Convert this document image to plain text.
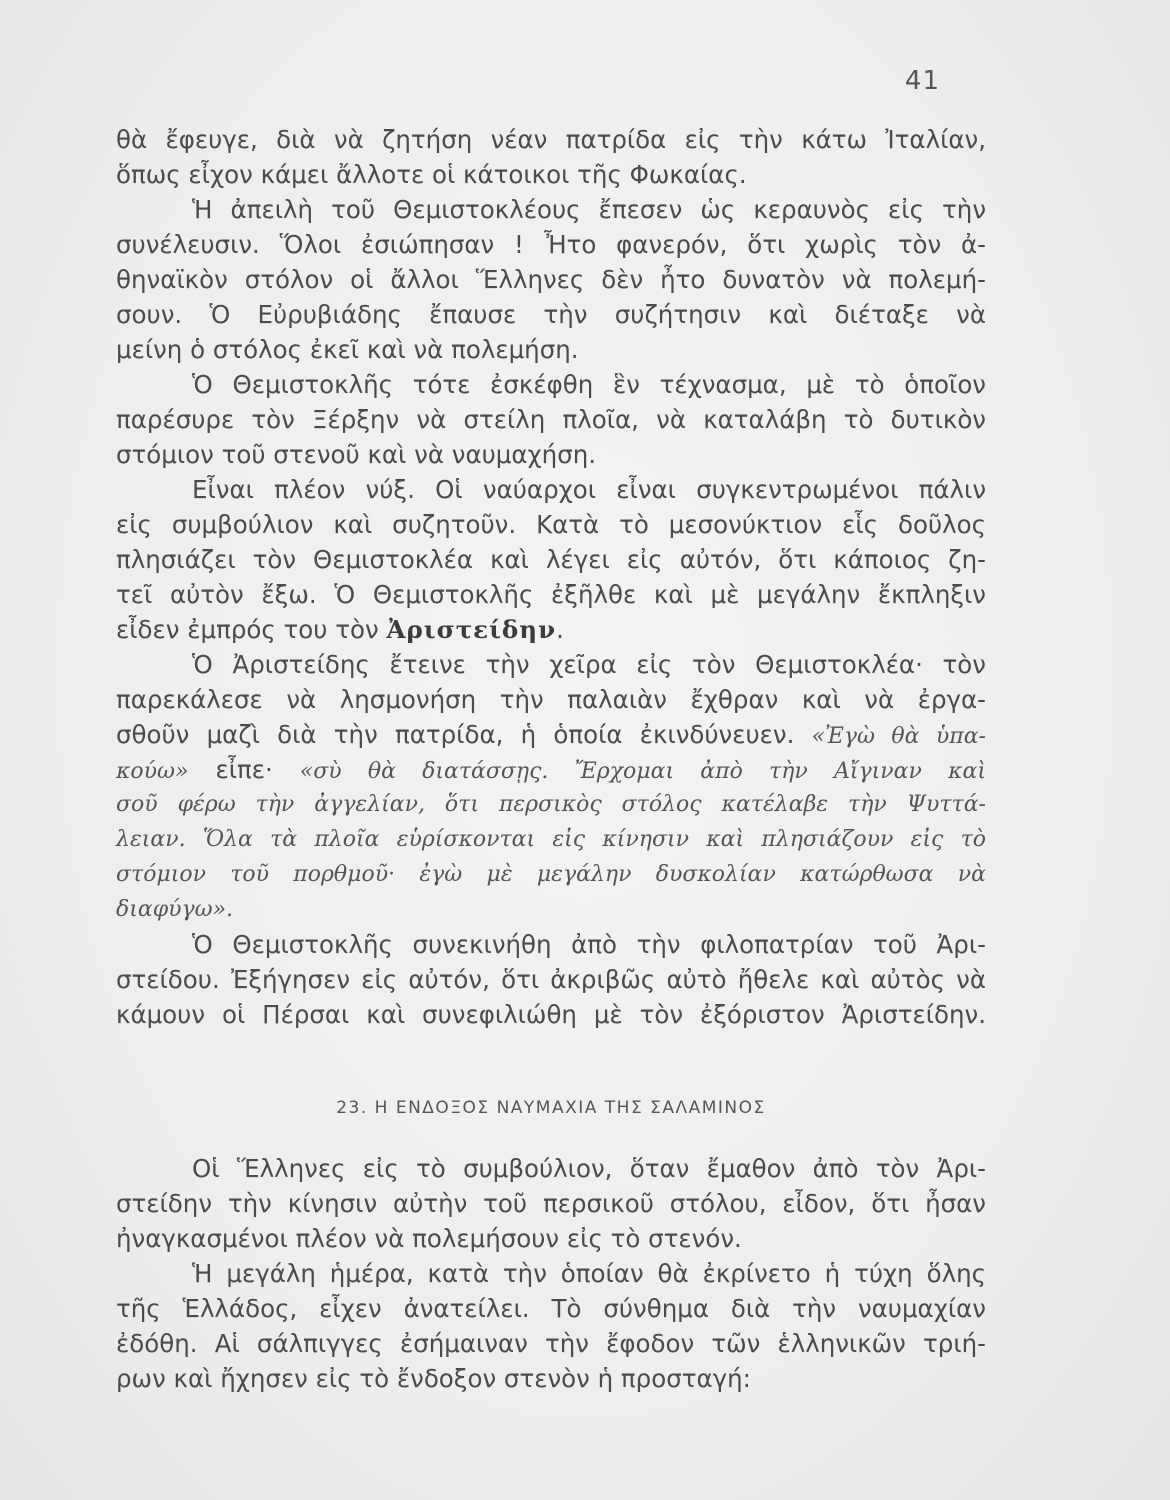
41
θὰ ἔφευγε, διὰ νὰ ζητήση νέαν πατρίδα εἰς τὴν κάτω Ἰταλίαν,
ὅπως εἶχον κάμει ἄλλοτε οἱ κάτοικοι τῆς Φωκαίας.
Ἡ ἀπειλὴ τοῦ Θεμιστοκλέους ἔπεσεν ὡς κεραυνὸς εἰς τὴν
συνέλευσιν. Ὅλοι ἐσιώπησαν ! Ἦτο φανερόν, ὅτι χωρὶς τὸν ἀ-
θηναϊκὸν στόλον οἱ ἄλλοι Ἕλληνες δὲν ἦτο δυνατὸν νὰ πολεμή-
σουν. Ὁ Εὐρυβιάδης ἔπαυσε τὴν συζήτησιν καὶ διέταξε νὰ
μείνη ὁ στόλος ἐκεῖ καὶ νὰ πολεμήση.
Ὁ Θεμιστοκλῆς τότε ἐσκέφθη ἓν τέχνασμα, μὲ τὸ ὁποῖον
παρέσυρε τὸν Ξέρξην νὰ στείλη πλοῖα, νὰ καταλάβη τὸ δυτικὸν
στόμιον τοῦ στενοῦ καὶ νὰ ναυμαχήση.
Εἶναι πλέον νύξ. Οἱ ναύαρχοι εἶναι συγκεντρωμένοι πάλιν
εἰς συμβούλιον καὶ συζητοῦν. Κατὰ τὸ μεσονύκτιον εἷς δοῦλος
πλησιάζει τὸν Θεμιστοκλέα καὶ λέγει εἰς αὐτόν, ὅτι κάποιος ζη-
τεῖ αὐτὸν ἔξω. Ὁ Θεμιστοκλῆς ἐξῆλθε καὶ μὲ μεγάλην ἔκπληξιν
εἶδεν ἐμπρός του τὸν Ἀριστείδην.
Ὁ Ἀριστείδης ἔτεινε τὴν χεῖρα εἰς τὸν Θεμιστοκλέα· τὸν
παρεκάλεσε νὰ λησμονήση τὴν παλαιὰν ἔχθραν καὶ νὰ ἐργα-
σθοῦν μαζὶ διὰ τὴν πατρίδα, ἡ ὁποία ἐκινδύνευεν. «Ἐγὼ θὰ ὑπα-
κούω» εἶπε· «σὺ θὰ διατάσσῃς. Ἔρχομαι ἀπὸ τὴν Αἴγιναν καὶ
σοῦ φέρω τὴν ἀγγελίαν, ὅτι περσικὸς στόλος κατέλαβε τὴν Ψυττά-
λειαν. Ὅλα τὰ πλοῖα εὑρίσκονται εἰς κίνησιν καὶ πλησιάζουν εἰς τὸ
στόμιον τοῦ πορθμοῦ· ἐγὼ μὲ μεγάλην δυσκολίαν κατώρθωσα νὰ
διαφύγω».
Ὁ Θεμιστοκλῆς συνεκινήθη ἀπὸ τὴν φιλοπατρίαν τοῦ Ἀρι-
στείδου. Ἐξήγησεν εἰς αὐτόν, ὅτι ἀκριβῶς αὐτὸ ἤθελε καὶ αὐτὸς νὰ
κάμουν οἱ Πέρσαι καὶ συνεφιλιώθη μὲ τὸν ἐξόριστον Ἀριστείδην.
23. Η ΕΝΔΟΞΟΣ ΝΑΥΜΑΧΙΑ ΤΗΣ ΣΑΛΑΜΙΝΟΣ
Οἱ Ἕλληνες εἰς τὸ συμβούλιον, ὅταν ἔμαθον ἀπὸ τὸν Ἀρι-
στείδην τὴν κίνησιν αὐτὴν τοῦ περσικοῦ στόλου, εἶδον, ὅτι ἦσαν
ἠναγκασμένοι πλέον νὰ πολεμήσουν εἰς τὸ στενόν.
Ἡ μεγάλη ἡμέρα, κατὰ τὴν ὁποίαν θὰ ἐκρίνετο ἡ τύχη ὅλης
τῆς Ἑλλάδος, εἶχεν ἀνατείλει. Τὸ σύνθημα διὰ τὴν ναυμαχίαν
ἐδόθη. Αἱ σάλπιγγες ἐσήμαιναν τὴν ἔφοδον τῶν ἑλληνικῶν τριή-
ρων καὶ ἤχησεν εἰς τὸ ἔνδοξον στενὸν ἡ προσταγή:
